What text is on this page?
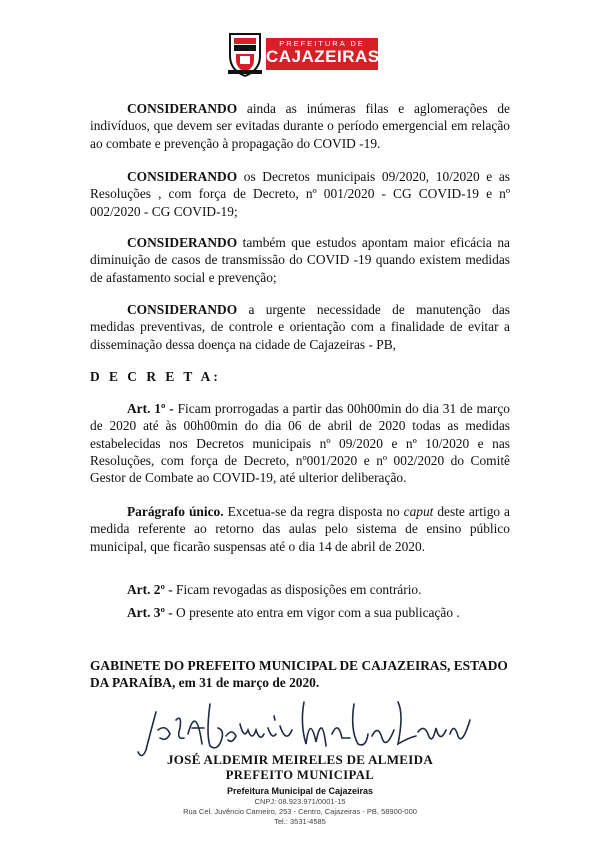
PREFEITURA DE
CAJAZEIRAS

CONSIDERANDO ainda as inúmeras filas e aglomerações de indivíduos, que devem ser evitadas durante o período emergencial em relação ao combate e prevenção à propagação do COVID -19.

CONSIDERANDO os Decretos municipais 09/2020, 10/2020 e as Resoluções , com força de Decreto, nº 001/2020 - CG COVID-19 e nº 002/2020 - CG COVID-19;

CONSIDERANDO também que estudos apontam maior eficácia na diminuição de casos de transmissão do COVID -19 quando existem medidas de afastamento social e prevenção;

CONSIDERANDO a urgente necessidade de manutenção das medidas preventivas, de controle e orientação com a finalidade de evitar a disseminação dessa doença na cidade de Cajazeiras - PB,

D E C R E T A:

Art. 1º - Ficam prorrogadas a partir das 00h00min do dia 31 de março de 2020 até às 00h00min do dia 06 de abril de 2020 todas as medidas estabelecidas nos Decretos municipais nº 09/2020 e nº 10/2020 e nas Resoluções, com força de Decreto, nº001/2020 e nº 002/2020 do Comitê Gestor de Combate ao COVID-19, até ulterior deliberação.

Parágrafo único. Excetua-se da regra disposta no caput deste artigo a medida referente ao retorno das aulas pelo sistema de ensino público municipal, que ficarão suspensas até o dia 14 de abril de 2020.

Art. 2º - Ficam revogadas as disposições em contrário.

Art. 3º - O presente ato entra em vigor com a sua publicação .

GABINETE DO PREFEITO MUNICIPAL DE CAJAZEIRAS, ESTADO DA PARAÍBA, em 31 de março de 2020.

JOSÉ ALDEMIR MEIRELES DE ALMEIDA
PREFEITO MUNICIPAL
Prefeitura Municipal de Cajazeiras
CNPJ: 08.923.971/0001-15
Rua Cel. Juvêncio Carneiro, 253 - Centro, Cajazeiras - PB, 58900-000
Tel.: 3531-4585
